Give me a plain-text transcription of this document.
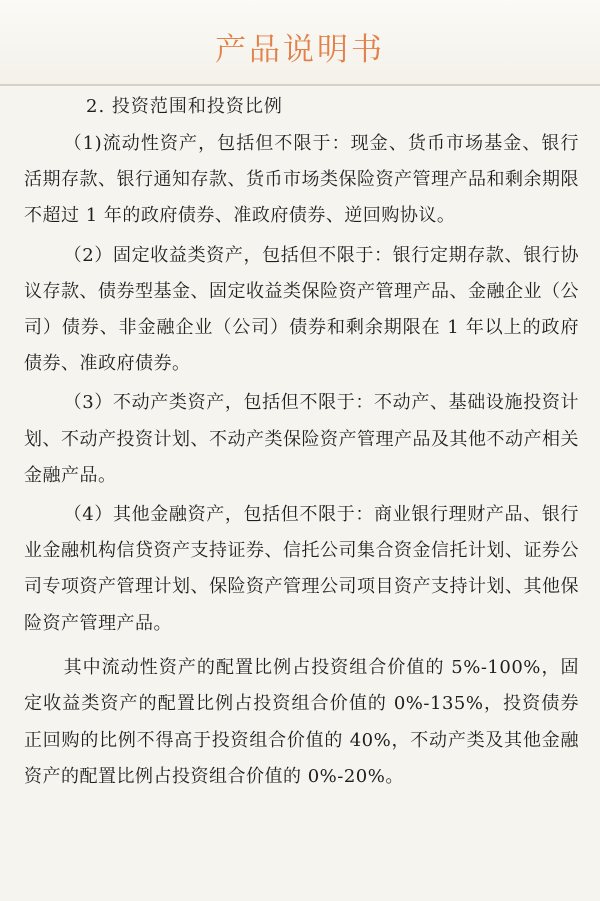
产品说明书

2. 投资范围和投资比例

（1)流动性资产，包括但不限于：现金、货币市场基金、银行活期存款、银行通知存款、货币市场类保险资产管理产品和剩余期限不超过 1 年的政府债券、准政府债券、逆回购协议。

（2）固定收益类资产，包括但不限于：银行定期存款、银行协议存款、债券型基金、固定收益类保险资产管理产品、金融企业（公司）债券、非金融企业（公司）债券和剩余期限在 1 年以上的政府债券、准政府债券。

（3）不动产类资产，包括但不限于：不动产、基础设施投资计划、不动产投资计划、不动产类保险资产管理产品及其他不动产相关金融产品。

（4）其他金融资产，包括但不限于：商业银行理财产品、银行业金融机构信贷资产支持证券、信托公司集合资金信托计划、证券公司专项资产管理计划、保险资产管理公司项目资产支持计划、其他保险资产管理产品。

其中流动性资产的配置比例占投资组合价值的 5%-100%，固定收益类资产的配置比例占投资组合价值的 0%-135%，投资债券正回购的比例不得高于投资组合价值的 40%，不动产类及其他金融资产的配置比例占投资组合价值的 0%-20%。
